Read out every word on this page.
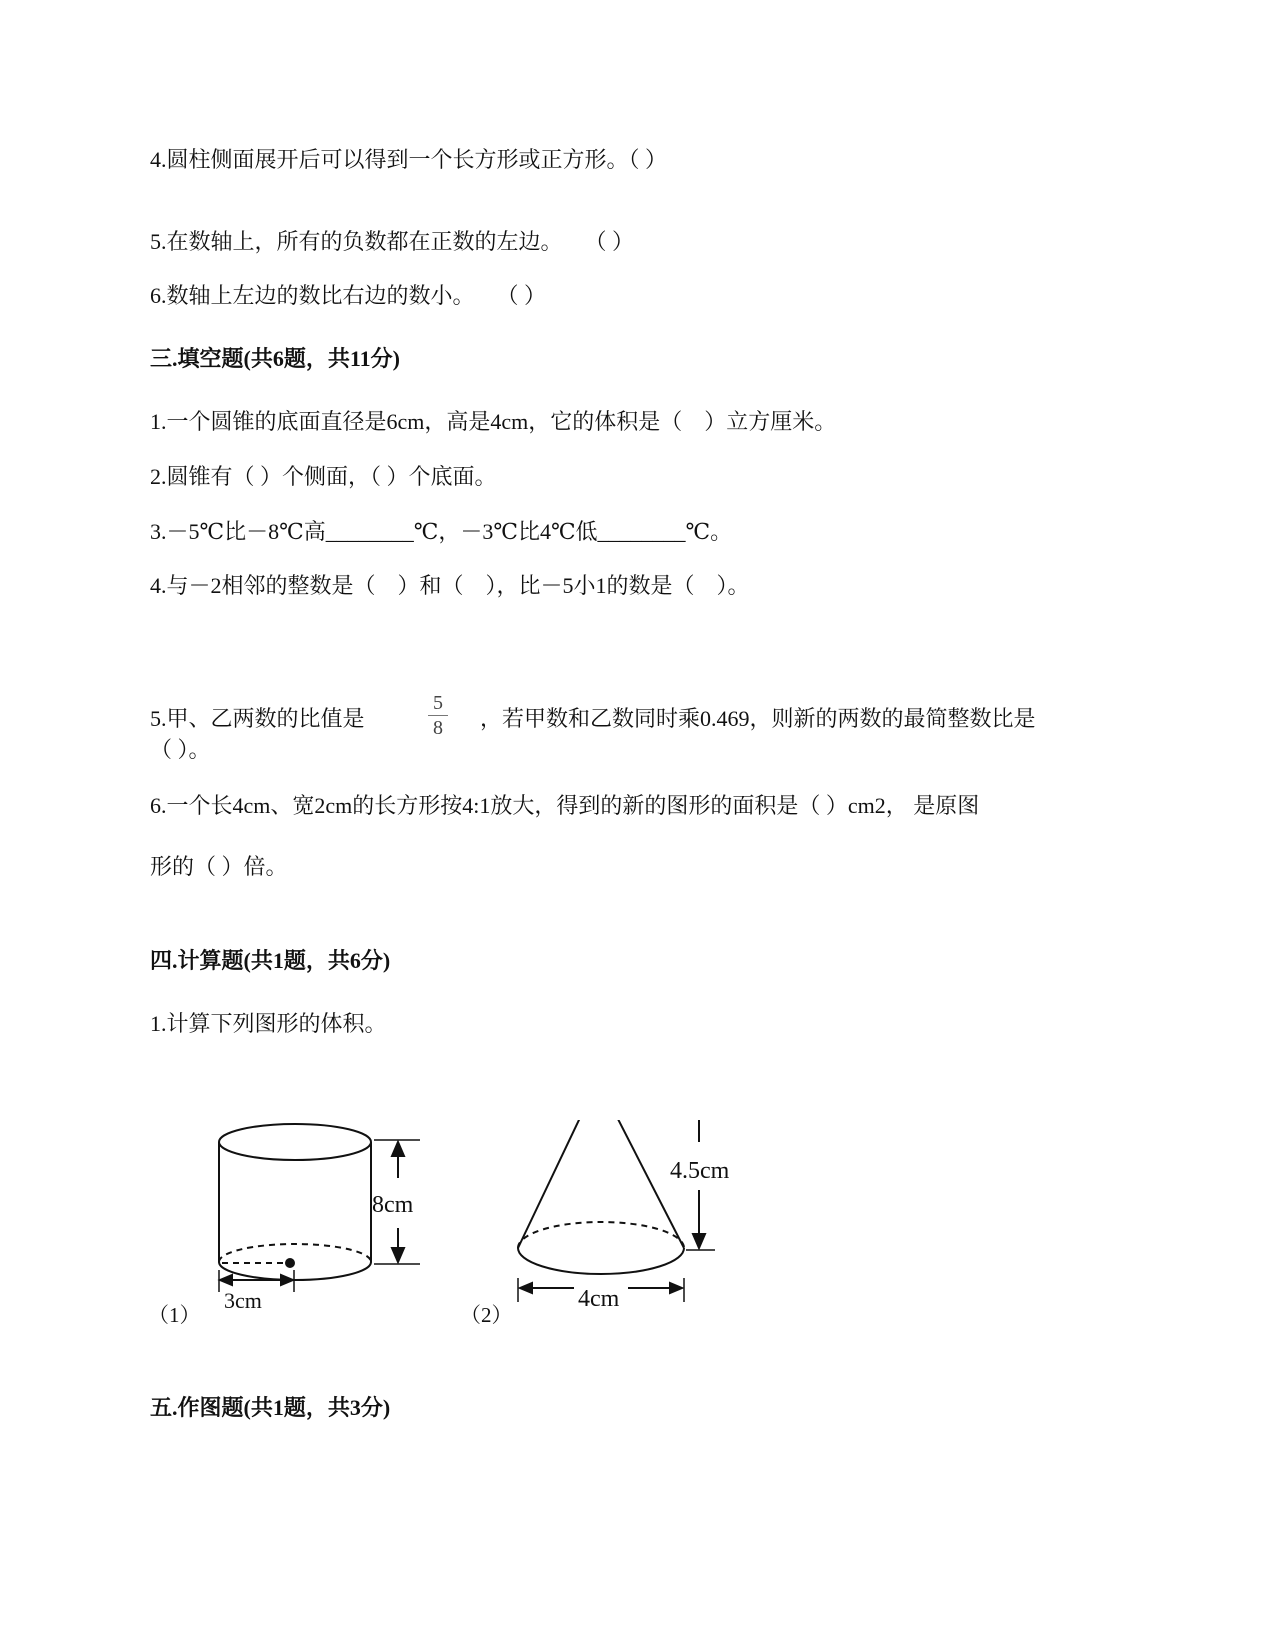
4.圆柱侧面展开后可以得到一个长方形或正方形。（ ）
5.在数轴上，所有的负数都在正数的左边。　　（ ）
6.数轴上左边的数比右边的数小。　　（ ）
三.填空题(共6题，共11分)
1.一个圆锥的底面直径是6cm，高是4cm，它的体积是（　）立方厘米。
2.圆锥有（ ）个侧面，（ ）个底面。
3.－5℃比－8℃高________℃，－3℃比4℃低________℃。
4.与－2相邻的整数是（　）和（　），比－5小1的数是（　）。
5.甲、乙两数的比值是
5
8	，若甲数和乙数同时乘0.469，则新的两数的最简整数比是
（ ）。
6.一个长4cm、宽2cm的长方形按4:1放大，得到的新的图形的面积是（ ）cm2， 是原图
形的（ ）倍。
四.计算题(共1题，共6分)
1.计算下列图形的体积。
8cm
3cm
（1）
4.5cm
4cm
（2）
五.作图题(共1题，共3分)
